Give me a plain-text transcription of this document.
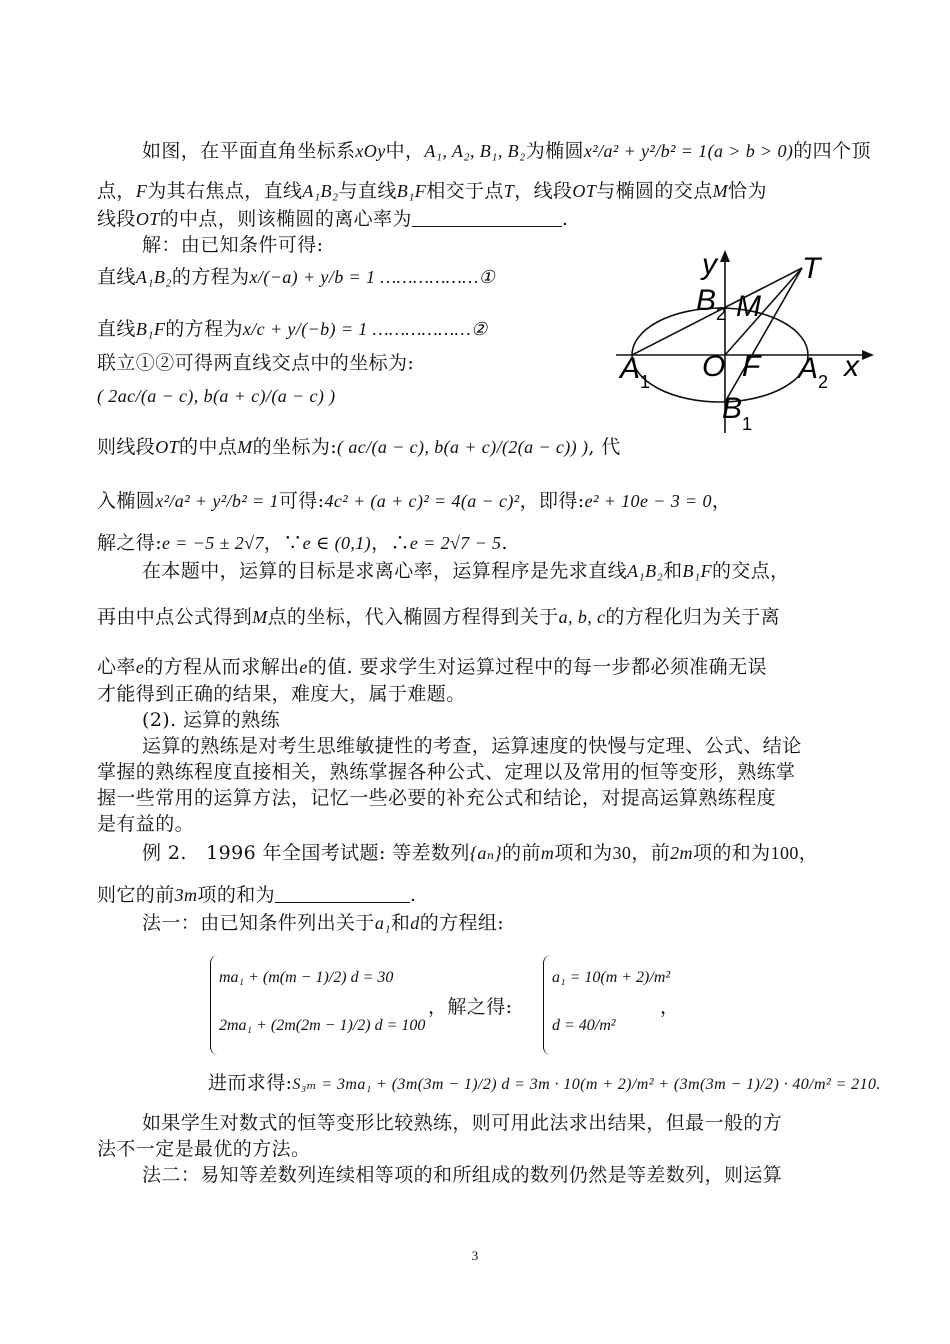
如图，在平面直角坐标系xOy中，A₁, A₂, B₁, B₂为椭圆x²/a² + y²/b² = 1(a > b > 0)的四个顶
点，F为其右焦点，直线A₁B₂与直线B₁F相交于点T，线段OT与椭圆的交点M恰为
线段OT的中点，则该椭圆的离心率为	.
解：由已知条件可得:
直线A₁B₂的方程为x/(−a) + y/b = 1 ………………①
直线B₁F的方程为x/c + y/(−b) = 1 ………………②
联立①②可得两直线交点中的坐标为:
( 2ac/(a − c), b(a + c)/(a − c) )
则线段OT的中点M的坐标为:( ac/(a − c), b(a + c)/(2(a − c)) ), 代
入椭圆x²/a² + y²/b² = 1可得:4c² + (a + c)² = 4(a − c)²，即得:e² + 10e − 3 = 0，
解之得:e = −5 ± 2√7，∵e ∈ (0,1)，∴e = 2√7 − 5.
在本题中，运算的目标是求离心率，运算程序是先求直线A₁B₂和B₁F的交点，
再由中点公式得到M点的坐标，代入椭圆方程得到关于a, b, c的方程化归为关于离
心率e的方程从而求解出e的值. 要求学生对运算过程中的每一步都必须准确无误
才能得到正确的结果，难度大，属于难题。
(2). 运算的熟练
运算的熟练是对考生思维敏捷性的考查，运算速度的快慢与定理、公式、结论
掌握的熟练程度直接相关，熟练掌握各种公式、定理以及常用的恒等变形，熟练掌
握一些常用的运算方法，记忆一些必要的补充公式和结论，对提高运算熟练程度
是有益的。
例 2.　1996 年全国考试题: 等差数列{aₙ}的前m项和为30，前2m项的和为100，
则它的前3m项的和为	.
法一：由已知条件列出关于a₁和d的方程组:
ma₁ + (m(m − 1)/2) d = 30
2ma₁ + (2m(2m − 1)/2) d = 100
，解之得:
a₁ = 10(m + 2)/m²
d = 40/m²
，
进而求得:S₃ₘ = 3ma₁ + (3m(3m − 1)/2) d = 3m · 10(m + 2)/m² + (3m(3m − 1)/2) · 40/m² = 210.
如果学生对数式的恒等变形比较熟练，则可用此法求出结果，但最一般的方
法不一定是最优的方法。
法二：易知等差数列连续相等项的和所组成的数列仍然是等差数列，则运算
y	T
B 2 M
A 1 O F A 2 x
B 1
3
